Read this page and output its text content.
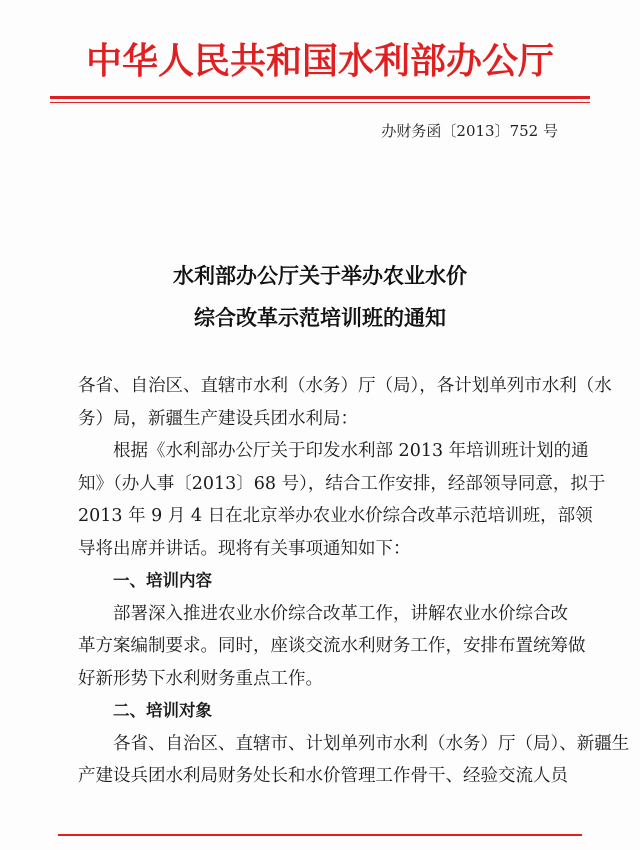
中华人民共和国水利部办公厅
办财务函〔2013〕752 号
水利部办公厅关于举办农业水价
综合改革示范培训班的通知
各省、自治区、直辖市水利（水务）厅（局），各计划单列市水利（水
务）局，新疆生产建设兵团水利局：
根据《水利部办公厅关于印发水利部 2013 年培训班计划的通
知》（办人事〔2013〕68 号），结合工作安排，经部领导同意，拟于
2013 年 9 月 4 日在北京举办农业水价综合改革示范培训班，部领
导将出席并讲话。现将有关事项通知如下：
一、培训内容
部署深入推进农业水价综合改革工作，讲解农业水价综合改
革方案编制要求。同时，座谈交流水利财务工作，安排布置统筹做
好新形势下水利财务重点工作。
二、培训对象
各省、自治区、直辖市、计划单列市水利（水务）厅（局）、新疆生
产建设兵团水利局财务处长和水价管理工作骨干、经验交流人员
